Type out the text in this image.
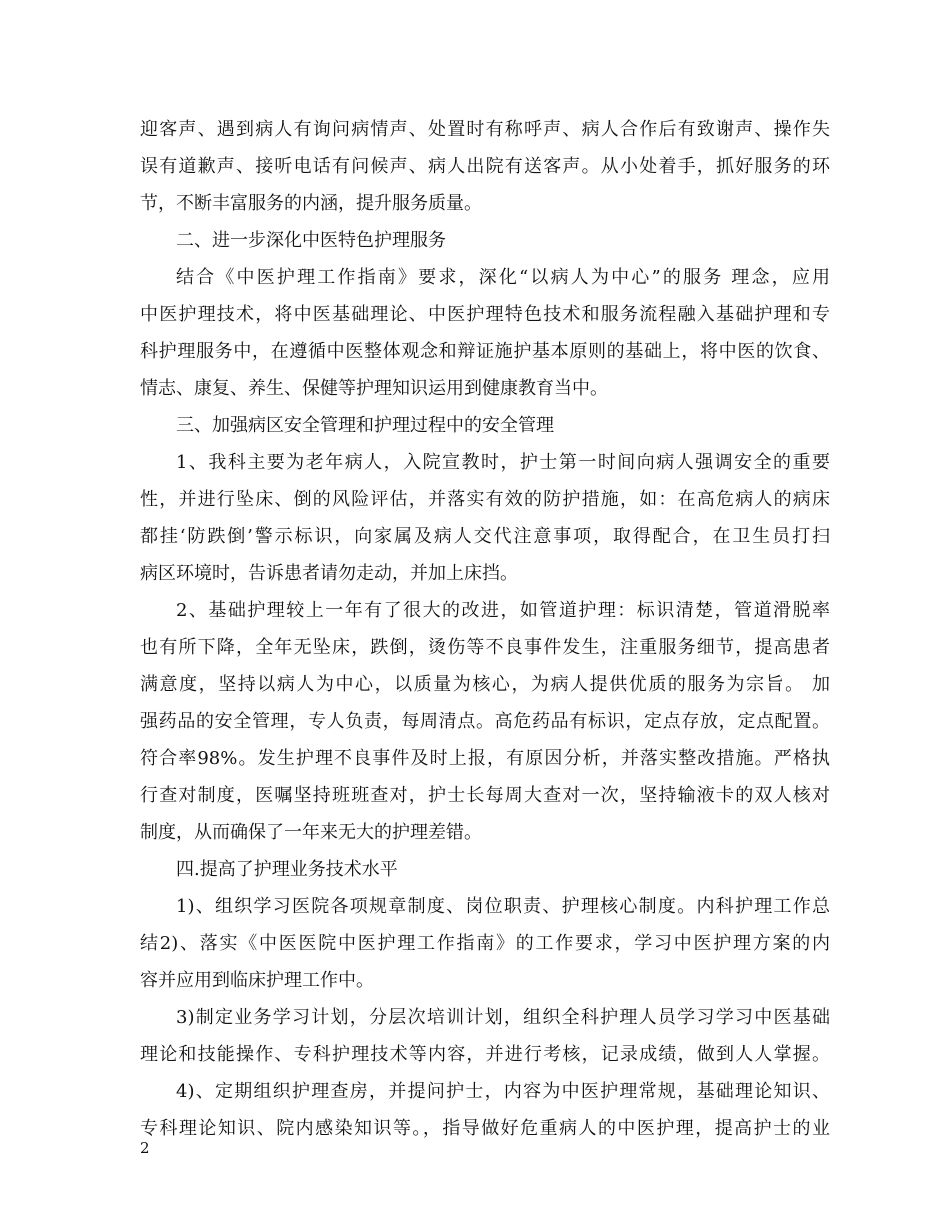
迎客声、遇到病人有询问病情声、处置时有称呼声、病人合作后有致谢声、操作失
误有道歉声、接听电话有问候声、病人出院有送客声。从小处着手，抓好服务的环
节，不断丰富服务的内涵，提升服务质量。
二、进一步深化中医特色护理服务
结合《中医护理工作指南》要求，深化“以病人为中心”的服务 理念，应用
中医护理技术，将中医基础理论、中医护理特色技术和服务流程融入基础护理和专
科护理服务中，在遵循中医整体观念和辩证施护基本原则的基础上，将中医的饮食、
情志、康复、养生、保健等护理知识运用到健康教育当中。
三、加强病区安全管理和护理过程中的安全管理
1、我科主要为老年病人，入院宣教时，护士第一时间向病人强调安全的重要
性，并进行坠床、倒的风险评估，并落实有效的防护措施，如：在高危病人的病床
都挂‘防跌倒’警示标识，向家属及病人交代注意事项，取得配合，在卫生员打扫
病区环境时，告诉患者请勿走动，并加上床挡。
2、基础护理较上一年有了很大的改进，如管道护理：标识清楚，管道滑脱率
也有所下降，全年无坠床，跌倒，烫伤等不良事件发生，注重服务细节，提高患者
满意度，坚持以病人为中心，以质量为核心，为病人提供优质的服务为宗旨。 加
强药品的安全管理，专人负责，每周清点。高危药品有标识，定点存放，定点配置。
符合率98%。发生护理不良事件及时上报，有原因分析，并落实整改措施。严格执
行查对制度，医嘱坚持班班查对，护士长每周大查对一次，坚持输液卡的双人核对
制度，从而确保了一年来无大的护理差错。
四.提高了护理业务技术水平
1)、组织学习医院各项规章制度、岗位职责、护理核心制度。内科护理工作总
结2)、落实《中医医院中医护理工作指南》的工作要求，学习中医护理方案的内
容并应用到临床护理工作中。
3)制定业务学习计划，分层次培训计划，组织全科护理人员学习学习中医基础
理论和技能操作、专科护理技术等内容，并进行考核，记录成绩，做到人人掌握。
4)、定期组织护理查房，并提问护士，内容为中医护理常规，基础理论知识、
专科理论知识、院内感染知识等。，指导做好危重病人的中医护理，提高护士的业
2
